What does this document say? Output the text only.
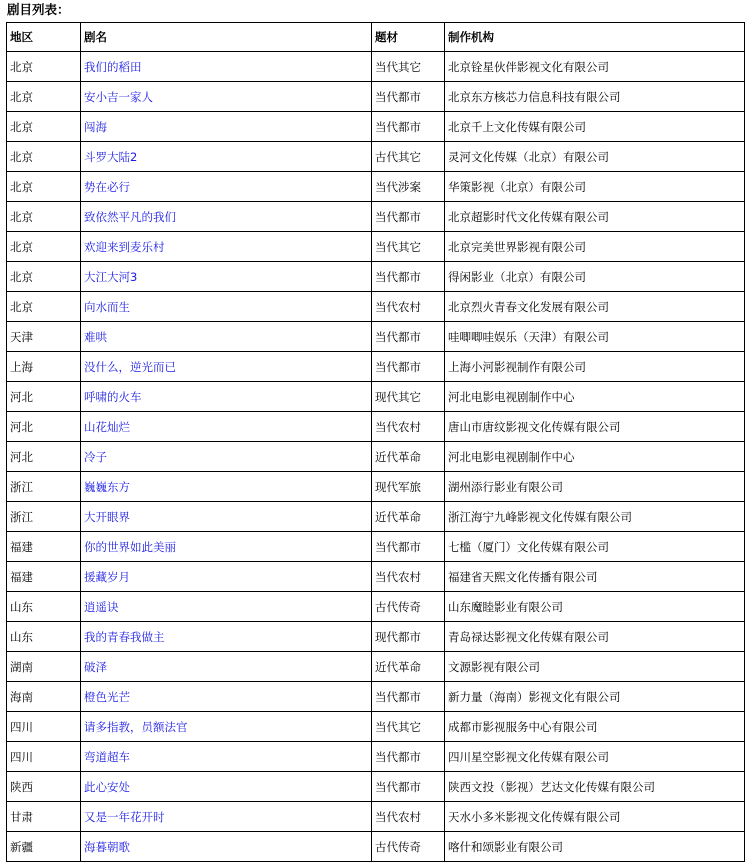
剧目列表：
地区	剧名	题材	制作机构
北京	我们的稻田	当代其它	北京铨星伙伴影视文化有限公司
北京	安小吉一家人	当代都市	北京东方核芯力信息科技有限公司
北京	闯海	当代都市	北京千上文化传媒有限公司
北京	斗罗大陆2	古代其它	灵河文化传媒（北京）有限公司
北京	势在必行	当代涉案	华策影视（北京）有限公司
北京	致依然平凡的我们	当代都市	北京超影时代文化传媒有限公司
北京	欢迎来到麦乐村	当代其它	北京完美世界影视有限公司
北京	大江大河3	当代都市	得闲影业（北京）有限公司
北京	向水而生	当代农村	北京烈火青春文化发展有限公司
天津	难哄	当代都市	哇唧唧哇娱乐（天津）有限公司
上海	没什么，逆光而已	当代都市	上海小河影视制作有限公司
河北	呼啸的火车	现代其它	河北电影电视剧制作中心
河北	山花灿烂	当代农村	唐山市唐纹影视文化传媒有限公司
河北	冷子	近代革命	河北电影电视剧制作中心
浙江	巍巍东方	现代军旅	湖州添行影业有限公司
浙江	大开眼界	近代革命	浙江海宁九峰影视文化传媒有限公司
福建	你的世界如此美丽	当代都市	七槛（厦门）文化传媒有限公司
福建	援藏岁月	当代农村	福建省天熙文化传播有限公司
山东	逍遥诀	古代传奇	山东魔睦影业有限公司
山东	我的青春我做主	现代都市	青岛禄达影视文化传媒有限公司
湖南	破泽	近代革命	文源影视有限公司
海南	橙色光芒	当代都市	新力量（海南）影视文化有限公司
四川	请多指教，员额法官	当代其它	成都市影视服务中心有限公司
四川	弯道超车	当代都市	四川星空影视文化传媒有限公司
陕西	此心安处	当代都市	陕西文投（影视）艺达文化传媒有限公司
甘肃	又是一年花开时	当代农村	天水小多米影视文化传媒有限公司
新疆	海暮朝歌	古代传奇	喀什和颂影业有限公司
